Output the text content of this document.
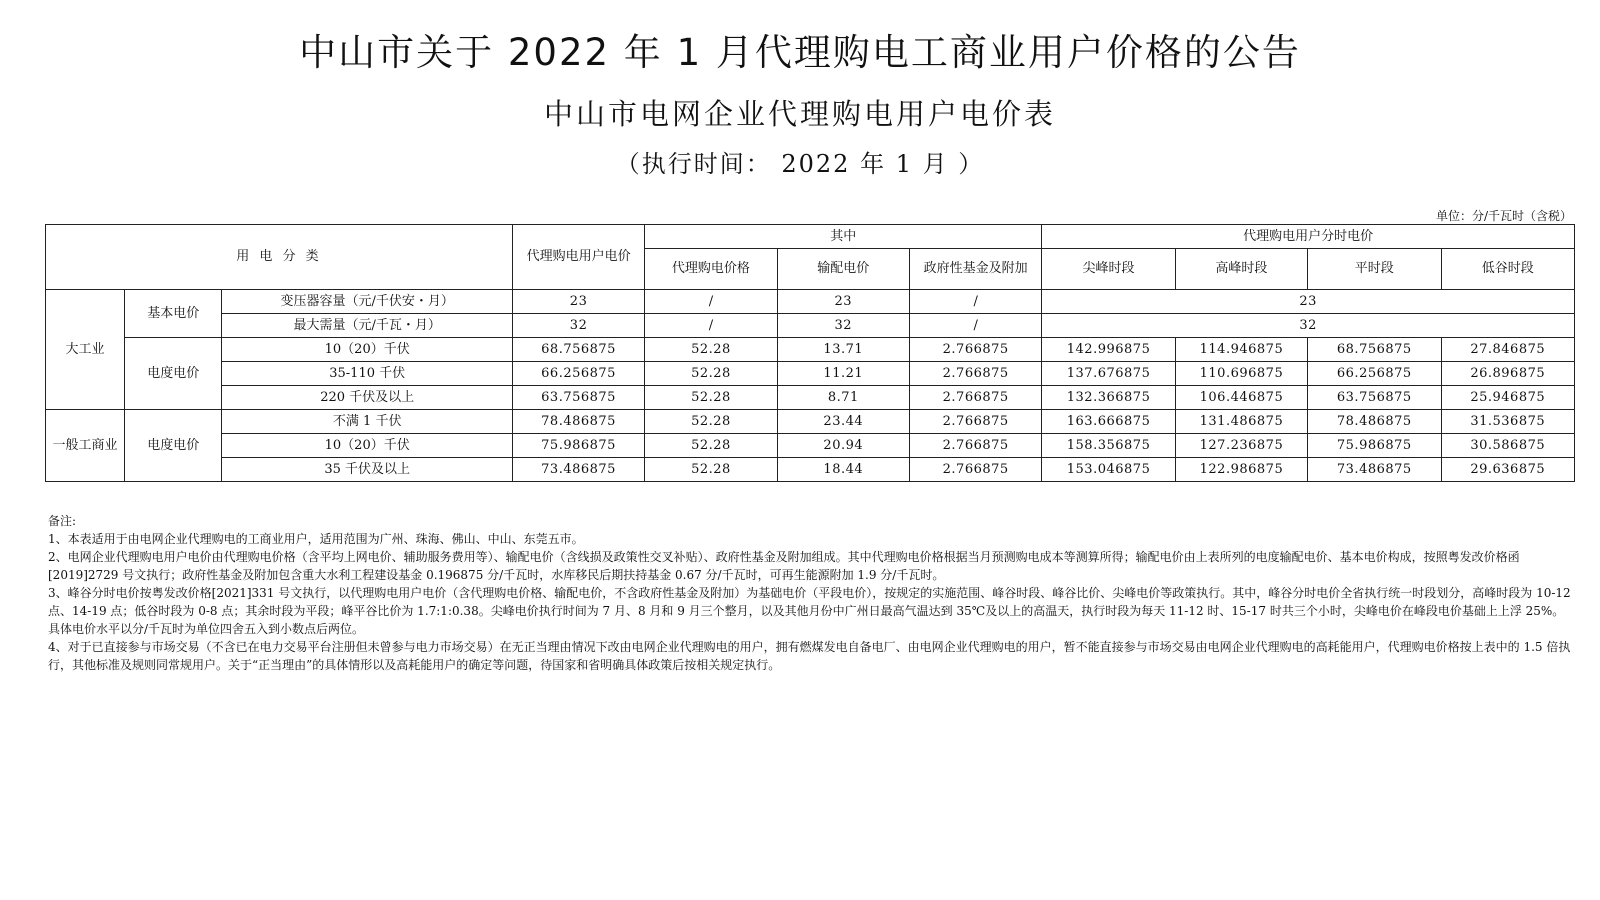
中山市关于 2022 年 1 月代理购电工商业用户价格的公告
中山市电网企业代理购电用户电价表
（执行时间： 2022 年 1 月 ）
单位：分/千瓦时（含税）
用 电 分 类			代理购电用户电价	其中			代理购电用户分时电价			
				代理购电价格	输配电价	政府性基金及附加	尖峰时段	高峰时段	平时段	低谷时段
大工业	基本电价	变压器容量（元/千伏安・月）	23	/	23	/	23			
		最大需量（元/千瓦・月）	32	/	32	/	32			
	电度电价	10（20）千伏	68.756875	52.28	13.71	2.766875	142.996875	114.946875	68.756875	27.846875
		35-110 千伏	66.256875	52.28	11.21	2.766875	137.676875	110.696875	66.256875	26.896875
		220 千伏及以上	63.756875	52.28	8.71	2.766875	132.366875	106.446875	63.756875	25.946875
一般工商业	电度电价	不满 1 千伏	78.486875	52.28	23.44	2.766875	163.666875	131.486875	78.486875	31.536875
		10（20）千伏	75.986875	52.28	20.94	2.766875	158.356875	127.236875	75.986875	30.586875
		35 千伏及以上	73.486875	52.28	18.44	2.766875	153.046875	122.986875	73.486875	29.636875

备注:

1、本表适用于由电网企业代理购电的工商业用户，适用范围为广州、珠海、佛山、中山、东莞五市。

2、电网企业代理购电用户电价由代理购电价格（含平均上网电价、辅助服务费用等）、输配电价（含线损及政策性交叉补贴）、政府性基金及附加组成。其中代理购电价格根据当月预测购电成本等测算所得；输配电价由上表所列的电度输配电价、基本电价构成，按照粤发改价格函[2019]2729 号文执行；政府性基金及附加包含重大水利工程建设基金 0.196875 分/千瓦时，水库移民后期扶持基金 0.67 分/千瓦时，可再生能源附加 1.9 分/千瓦时。

3、峰谷分时电价按粤发改价格[2021]331 号文执行，以代理购电用户电价（含代理购电价格、输配电价，不含政府性基金及附加）为基础电价（平段电价），按规定的实施范围、峰谷时段、峰谷比价、尖峰电价等政策执行。其中，峰谷分时电价全省执行统一时段划分，高峰时段为 10-12 点、14-19 点；低谷时段为 0-8 点；其余时段为平段；峰平谷比价为 1.7:1:0.38。尖峰电价执行时间为 7 月、8 月和 9 月三个整月，以及其他月份中广州日最高气温达到 35℃及以上的高温天，执行时段为每天 11-12 时、15-17 时共三个小时，尖峰电价在峰段电价基础上上浮 25%。具体电价水平以分/千瓦时为单位四舍五入到小数点后两位。

4、对于已直接参与市场交易（不含已在电力交易平台注册但未曾参与电力市场交易）在无正当理由情况下改由电网企业代理购电的用户，拥有燃煤发电自备电厂、由电网企业代理购电的用户，暂不能直接参与市场交易由电网企业代理购电的高耗能用户，代理购电价格按上表中的 1.5 倍执行，其他标准及规则同常规用户。关于“正当理由”的具体情形以及高耗能用户的确定等问题，待国家和省明确具体政策后按相关规定执行。
